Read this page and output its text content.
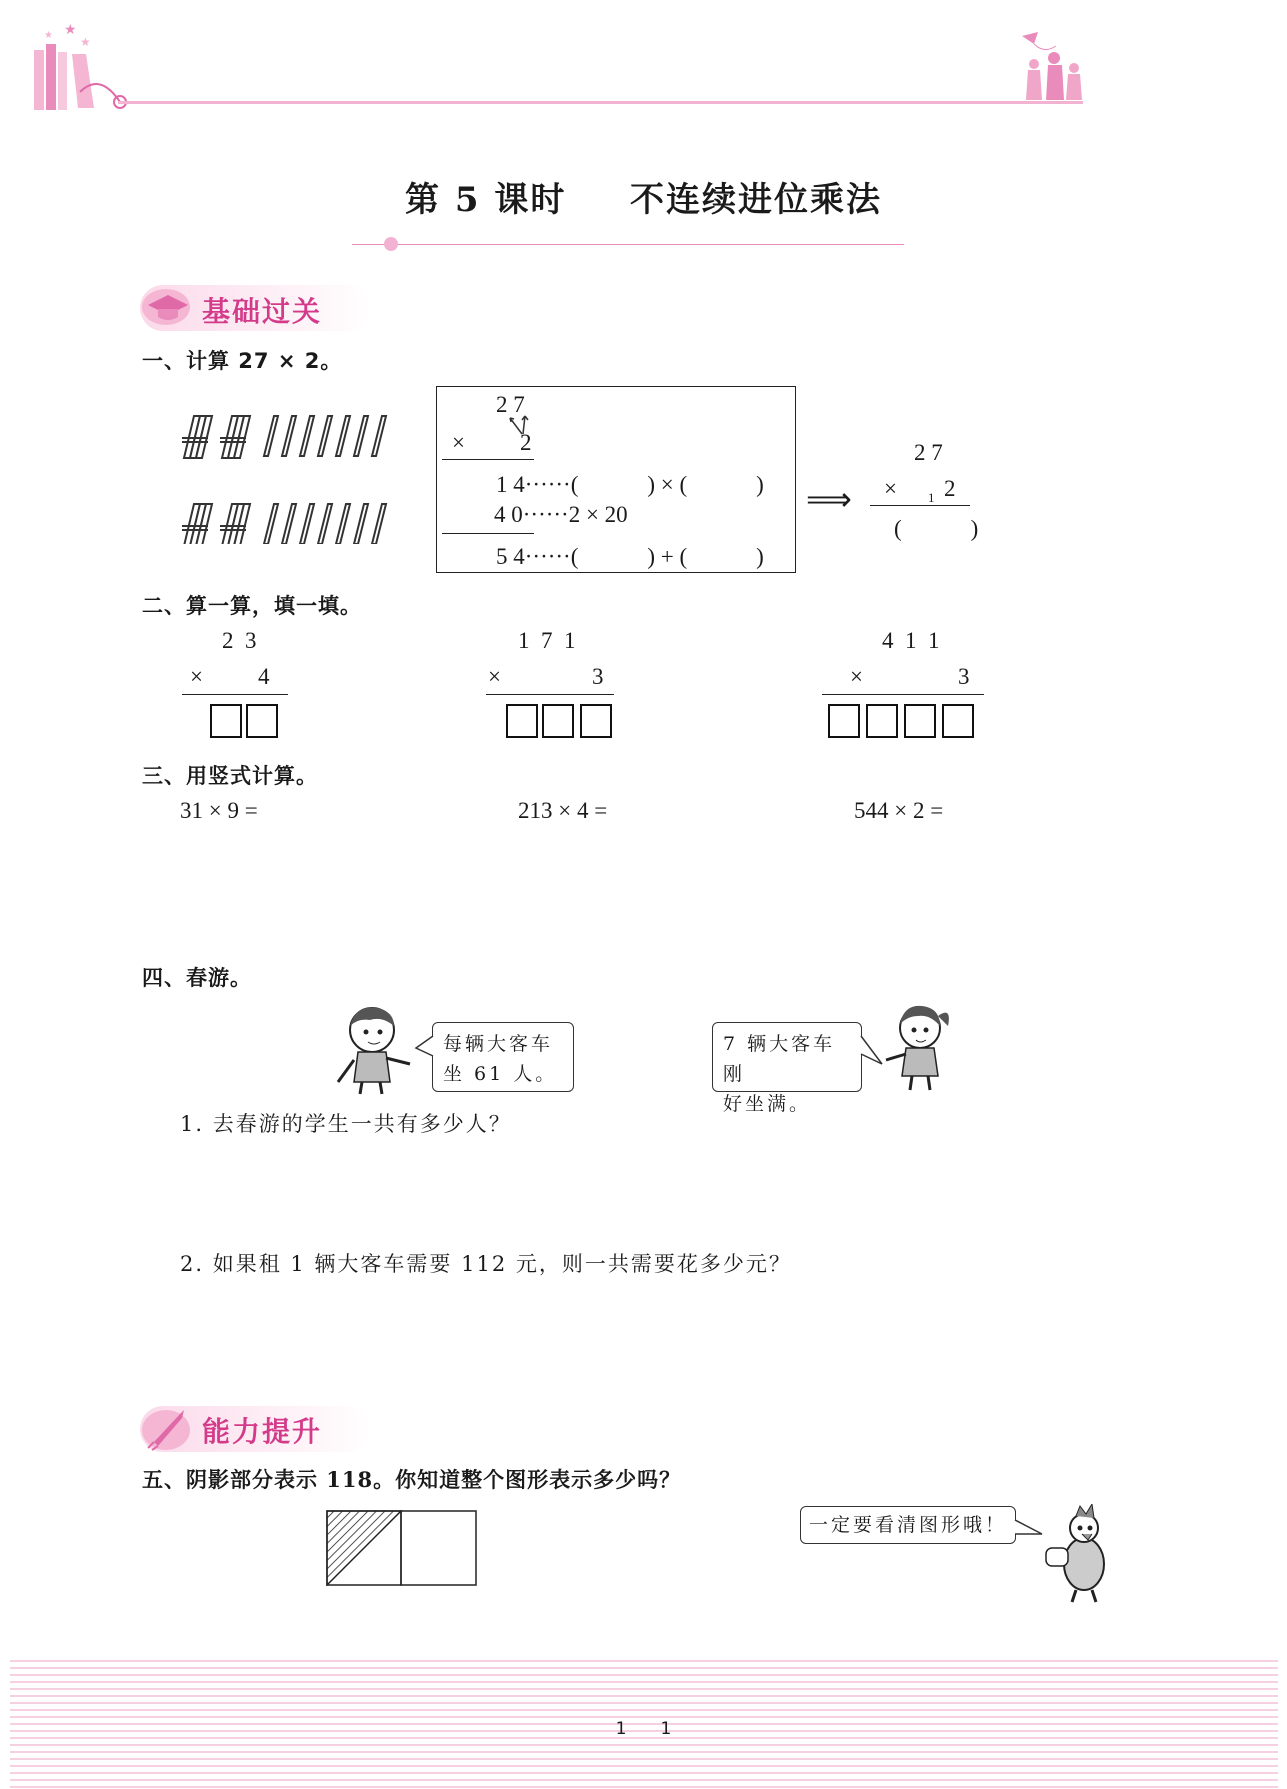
★
★
★
第 5 课时 不连续进位乘法
基础过关
一、计算 27 × 2。
2 7
× 2
1 4······(　　　) × (　　　)
4 0······2 × 20
5 4······(　　　) + (　　　)
⟹
2 7
× 1 2
(　　　)
二、算一算，填一填。
2  3
× 4
1  7  1
×	3
4  1  1
×	3
三、用竖式计算。
31 × 9 =	213 × 4 =	544 × 2 =
四、春游。
每辆大客车
坐 61 人。
7 辆大客车刚
好坐满。
1. 去春游的学生一共有多少人？
2. 如果租 1 辆大客车需要 112 元，则一共需要花多少元？
能力提升
五、阴影部分表示 118。你知道整个图形表示多少吗？
一定要看清图形哦！
1　　1
